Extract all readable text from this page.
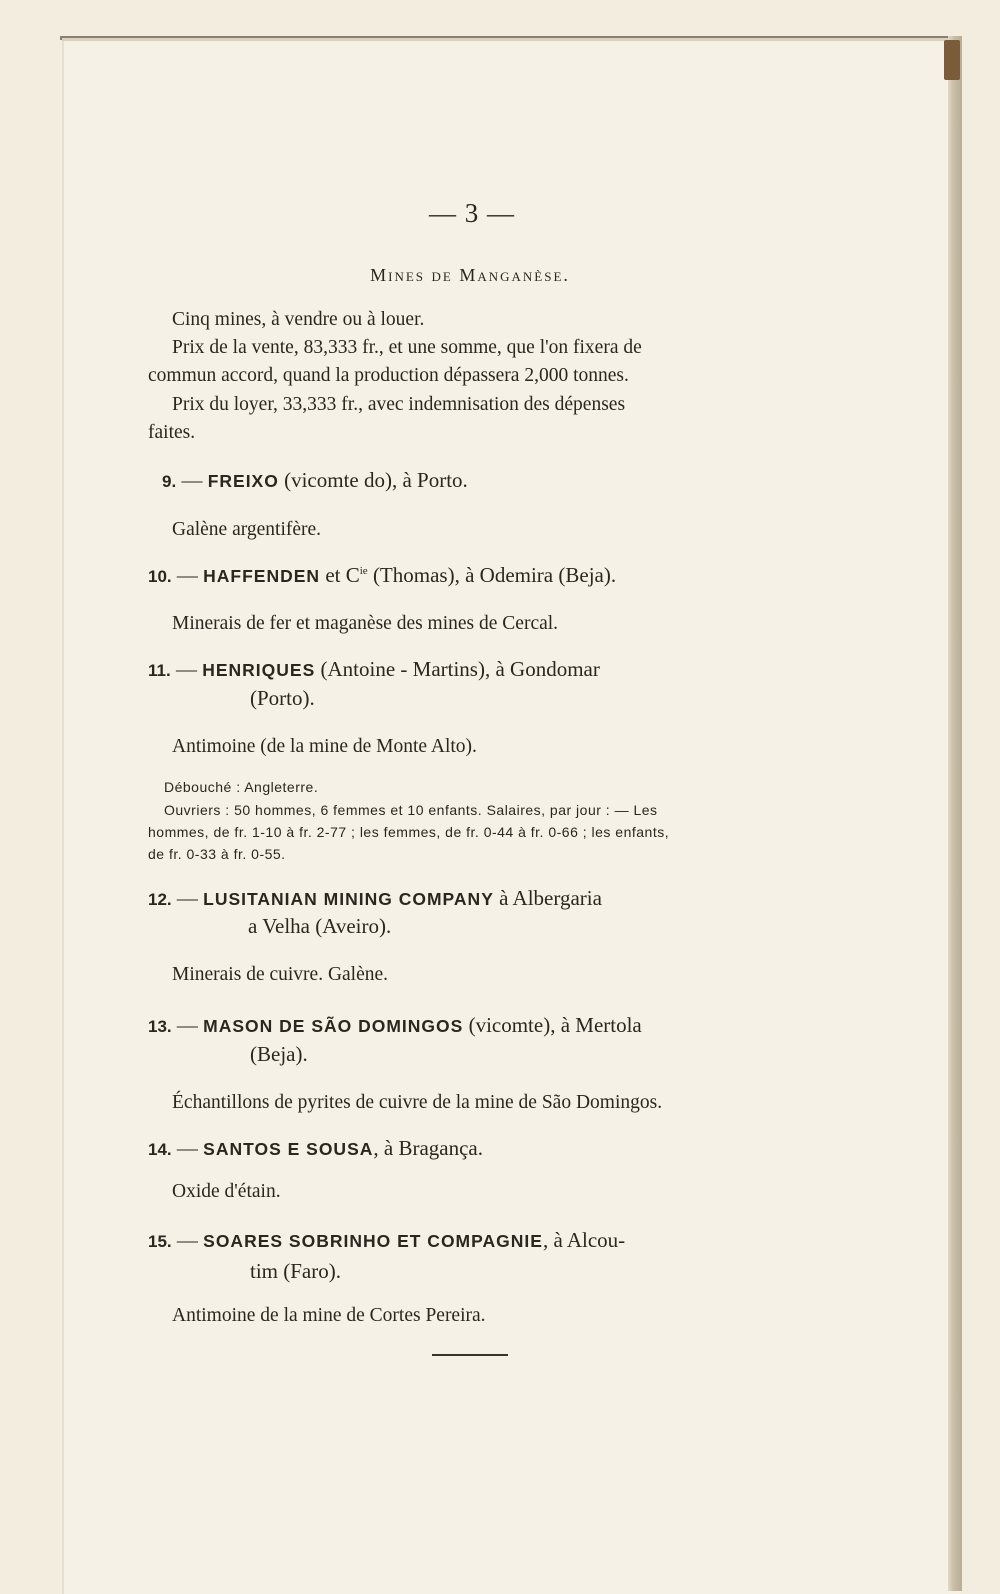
— 3 —
Mines de Manganèse.
Cinq mines, à vendre ou à louer.
Prix de la vente, 83,333 fr., et une somme, que l'on fixera de
commun accord, quand la production dépassera 2,000 tonnes.
Prix du loyer, 33,333 fr., avec indemnisation des dépenses
faites.
9. — FREIXO (vicomte do), à Porto.
Galène argentifère.
10. — HAFFENDEN et $C^{ie}$ (Thomas), à Odemira (Beja).
Minerais de fer et maganèse des mines de Cercal.
11. — HENRIQUES (Antoine - Martins), à Gondomar
(Porto).
Antimoine (de la mine de Monte Alto).
Débouché : Angleterre.
Ouvriers : 50 hommes, 6 femmes et 10 enfants. Salaires, par jour : — Les
hommes, de fr. 1-10 à fr. 2-77 ; les femmes, de fr. 0-44 à fr. 0-66 ; les enfants,
de fr. 0-33 à fr. 0-55.
12. — LUSITANIAN MINING COMPANY à Albergaria
a Velha (Aveiro).
Minerais de cuivre. Galène.
13. — MASON DE SÃO DOMINGOS (vicomte), à Mertola
(Beja).
Échantillons de pyrites de cuivre de la mine de São Domingos.
14. — SANTOS E SOUSA, à Bragança.
Oxide d'étain.
15. — SOARES SOBRINHO ET COMPAGNIE, à Alcou-
tim (Faro).
Antimoine de la mine de Cortes Pereira.
